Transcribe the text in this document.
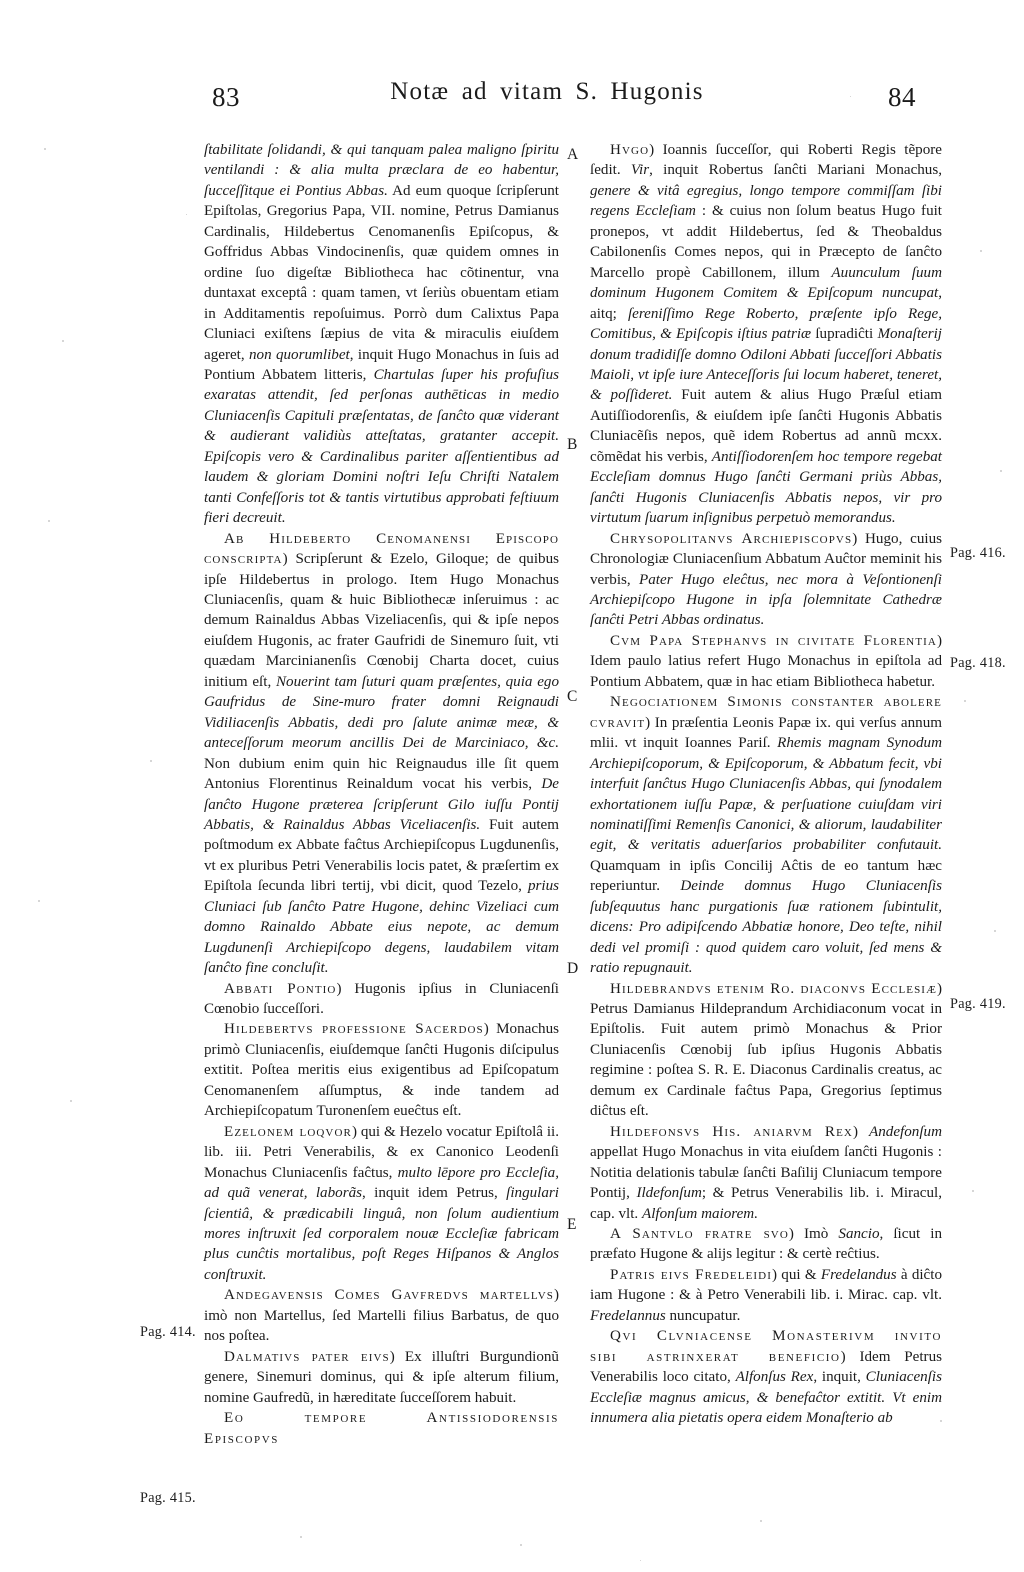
83	Notæ ad vitam S. Hugonis	84

ſtabilitate ſolidandi, & qui tanquam palea maligno ſpiritu ventilandi : & alia multa præclara de eo habentur, ſucceſſitque ei Pontius Abbas. Ad eum quoque ſcripſerunt Epiſtolas, Gregorius Papa, VII. nomine, Petrus Damianus Cardinalis, Hildebertus Cenomanenſis Epiſcopus, & Goffridus Abbas Vindocinenſis, quæ quidem omnes in ordine ſuo digeſtæ Bibliotheca hac cõtinentur, vna duntaxat exceptâ : quam tamen, vt ſeriùs obuentam etiam in Additamentis repoſuimus. Porrò dum Calixtus Papa Cluniaci exiſtens ſæpius de vita & miraculis eiuſdem ageret, non quorumlibet, inquit Hugo Monachus in ſuis ad Pontium Abbatem litteris, Chartulas ſuper his profuſius exaratas attendit, ſed perſonas authēticas in medio Cluniacenſis Capituli præſentatas, de ſanĉto quæ viderant & audierant validiùs atteſtatas, gratanter accepit. Epiſcopis vero & Cardinalibus pariter aſſentientibus ad laudem & gloriam Domini noſtri Ieſu Chriſti Natalem tanti Confeſſoris tot & tantis virtutibus approbati feſtiuum fieri decreuit.

Ab Hildeberto Cenomanensi Episcopo conscripta) Scripſerunt & Ezelo, Giloque; de quibus ipſe Hildebertus in prologo. Item Hugo Monachus Cluniacenſis, quam & huic Bibliothecæ inſeruimus : ac demum Rainaldus Abbas Vizeliacenſis, qui & ipſe nepos eiuſdem Hugonis, ac frater Gaufridi de Sinemuro ſuit, vti quædam Marcinianenſis Cœnobij Charta docet, cuius initium eſt, Nouerint tam ſuturi quam præſentes, quia ego Gaufridus de Sine-muro frater domni Reignaudi Vidiliacenſis Abbatis, dedi pro ſalute animæ meæ, & anteceſſorum meorum ancillis Dei de Marciniaco, &c. Non dubium enim quin hic Reignaudus ille ſit quem Antonius Florentinus Reinaldum vocat his verbis, De ſanĉto Hugone præterea ſcripſerunt Gilo iuſſu Pontij Abbatis, & Rainaldus Abbas Viceliacenſis. Fuit autem poſtmodum ex Abbate faĉtus Archiepiſcopus Lugdunenſis, vt ex pluribus Petri Venerabilis locis patet, & præſertim ex Epiſtola ſecunda libri tertij, vbi dicit, quod Tezelo, prius Cluniaci ſub ſanĉto Patre Hugone, dehinc Vizeliaci cum domno Rainaldo Abbate eius nepote, ac demum Lugdunenſi Archiepiſcopo degens, laudabilem vitam ſanĉto fine concluſit.

Abbati Pontio) Hugonis ipſius in Cluniacenſi Cœnobio ſucceſſori.

Hildebertvs professione Sacerdos) Monachus primò Cluniacenſis, eiuſdemque ſanĉti Hugonis diſcipulus extitit. Poſtea meritis eius exigentibus ad Epiſcopatum Cenomanenſem aſſumptus, & inde tandem ad Archiepiſcopatum Turonenſem eueĉtus eſt.

Ezelonem loqvor) qui & Hezelo vocatur Epiſtolâ ii. lib. iii. Petri Venerabilis, & ex Canonico Leodenſi Monachus Cluniacenſis faĉtus, multo lēpore pro Eccleſia, ad quã venerat, laborãs, inquit idem Petrus, ſingulari ſcientiâ, & prædicabili linguâ, non ſolum audientium mores inſtruxit ſed corporalem nouæ Eccleſiæ fabricam plus cunĉtis mortalibus, poſt Reges Hiſpanos & Anglos conſtruxit.

Andegavensis Comes Gavfredvs martellvs) imò non Martellus, ſed Martelli filius Barbatus, de quo nos poſtea.

Dalmativs pater eivs) Ex illuſtri Burgundionũ genere, Sinemuri dominus, qui & ipſe alterum filium, nomine Gaufredũ, in hæreditate ſucceſſorem habuit.

Eo tempore Antissiodorensis Episcopvs

Hvgo) Ioannis ſucceſſor, qui Roberti Regis tẽpore ſedit. Vir, inquit Robertus ſanĉti Mariani Monachus, genere & vitâ egregius, longo tempore commiſſam ſibi regens Eccleſiam : & cuius non ſolum beatus Hugo fuit pronepos, vt addit Hildebertus, ſed & Theobaldus Cabilonenſis Comes nepos, qui in Præcepto de ſanĉto Marcello propè Cabillonem, illum Auunculum ſuum dominum Hugonem Comitem & Epiſcopum nuncupat, aitq; ſereniſſimo Rege Roberto, præſente ipſo Rege, Comitibus, & Epiſcopis iſtius patriæ ſupradiĉti Monaſterij donum tradidiſſe domno Odiloni Abbati ſucceſſori Abbatis Maioli, vt ipſe iure Anteceſſoris ſui locum haberet, teneret, & poſſideret. Fuit autem & alius Hugo Præſul etiam Autiſſiodorenſis, & eiuſdem ipſe ſanĉti Hugonis Abbatis Cluniacẽſis nepos, quẽ idem Robertus ad annũ mcxx. cõmẽdat his verbis, Antiſſiodorenſem hoc tempore regebat Eccleſiam domnus Hugo ſanĉti Germani priùs Abbas, ſanĉti Hugonis Cluniacenſis Abbatis nepos, vir pro virtutum ſuarum inſignibus perpetuò memorandus.

Chrysopolitanvs Archiepiscopvs) Hugo, cuius Chronologiæ Cluniacenſium Abbatum Auĉtor meminit his verbis, Pater Hugo eleĉtus, nec mora à Veſontionenſi Archiepiſcopo Hugone in ipſa ſolemnitate Cathedræ ſanĉti Petri Abbas ordinatus.

Cvm Papa Stephanvs in civitate Florentia) Idem paulo latius refert Hugo Monachus in epiſtola ad Pontium Abbatem, quæ in hac etiam Bibliotheca habetur.

Negociationem Simonis constanter abolere cvravit) In præſentia Leonis Papæ ix. qui verſus annum mlii. vt inquit Ioannes Pariſ. Rhemis magnam Synodum Archiepiſcoporum, & Epiſcoporum, & Abbatum fecit, vbi interfuit ſanĉtus Hugo Cluniacenſis Abbas, qui ſynodalem exhortationem iuſſu Papæ, & perſuatione cuiuſdam viri nominatiſſimi Remenſis Canonici, & aliorum, laudabiliter egit, & veritatis aduerſarios probabiliter confutauit. Quamquam in ipſis Concilij Aĉtis de eo tantum hæc reperiuntur. Deinde domnus Hugo Cluniacenſis ſubſequutus hanc purgationis ſuæ rationem ſubintulit, dicens: Pro adipiſcendo Abbatiæ honore, Deo teſte, nihil dedi vel promiſi : quod quidem caro voluit, ſed mens & ratio repugnauit.

Hildebrandvs etenim Ro. diaconvs Ecclesiæ) Petrus Damianus Hildeprandum Archidiaconum vocat in Epiſtolis. Fuit autem primò Monachus & Prior Cluniacenſis Cœnobij ſub ipſius Hugonis Abbatis regimine : poſtea S. R. E. Diaconus Cardinalis creatus, ac demum ex Cardinale faĉtus Papa, Gregorius ſeptimus diĉtus eſt.

Hildefonsvs His. aniarvm Rex) Andefonſum appellat Hugo Monachus in vita eiuſdem ſanĉti Hugonis : Notitia delationis tabulæ ſanĉti Baſilij Cluniacum tempore Pontij, Ildefonſum; & Petrus Venerabilis lib. i. Miracul, cap. vlt. Alfonſum maiorem.

A Santvlo fratre svo) Imò Sancio, ſicut in præfato Hugone & alijs legitur : & certè reĉtius.

Patris eivs Fredeleidi) qui & Fredelandus à diĉto iam Hugone : & à Petro Venerabili lib. i. Mirac. cap. vlt. Fredelannus nuncupatur.

Qvi Clvniacense Monasterivm invito sibi astrinxerat beneficio) Idem Petrus Venerabilis loco citato, Alfonſus Rex, inquit, Cluniacenſis Eccleſiæ magnus amicus, & benefaĉtor extitit. Vt enim innumera alia pietatis opera eidem Monaſterio ab

A
B
C
D
E
Pag. 414.
Pag. 415.
Pag. 416.
Pag. 418.
Pag. 419.
